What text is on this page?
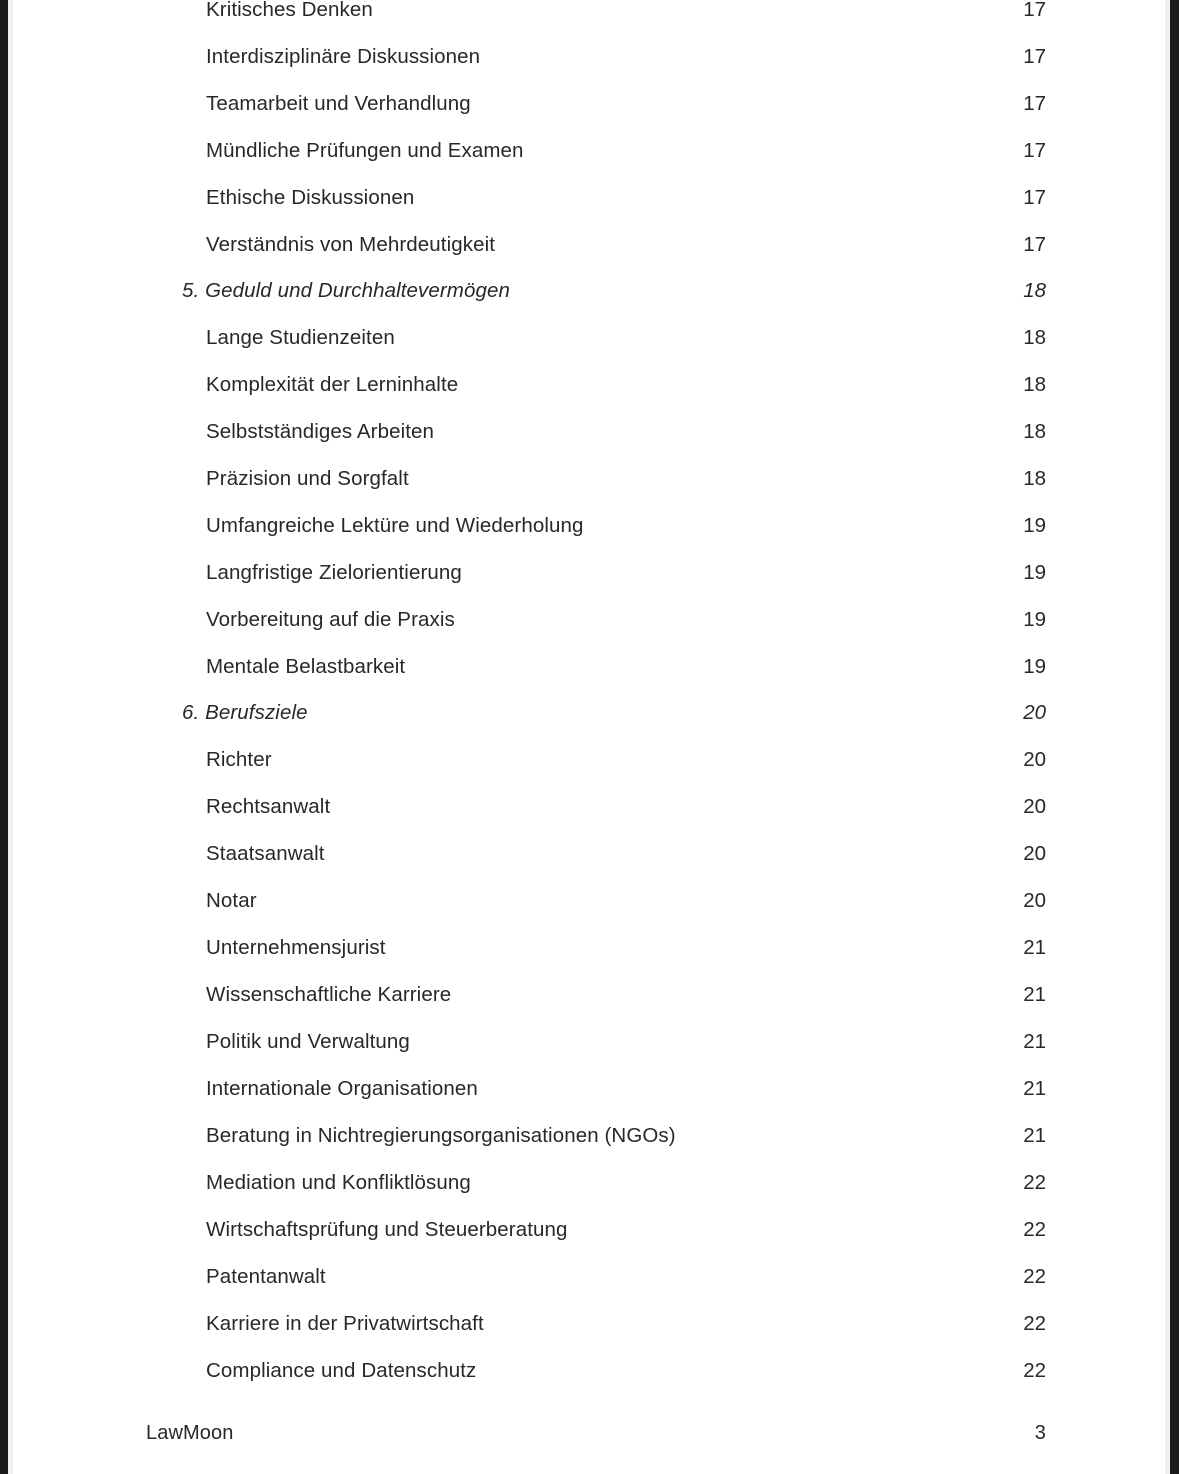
Kritisches Denken .....	17
Interdisziplinäre Diskussionen .....	17
Teamarbeit und Verhandlung .....	17
Mündliche Prüfungen und Examen .....	17
Ethische Diskussionen .....	17
Verständnis von Mehrdeutigkeit .....	17
5. Geduld und Durchhaltevermögen .....	18
Lange Studienzeiten .....	18
Komplexität der Lerninhalte .....	18
Selbstständiges Arbeiten .....	18
Präzision und Sorgfalt .....	18
Umfangreiche Lektüre und Wiederholung .....	19
Langfristige Zielorientierung .....	19
Vorbereitung auf die Praxis .....	19
Mentale Belastbarkeit .....	19
6. Berufsziele .....	20
Richter .....	20
Rechtsanwalt .....	20
Staatsanwalt .....	20
Notar .....	20
Unternehmensjurist .....	21
Wissenschaftliche Karriere .....	21
Politik und Verwaltung .....	21
Internationale Organisationen .....	21
Beratung in Nichtregierungsorganisationen (NGOs) .....	21
Mediation und Konfliktlösung .....	22
Wirtschaftsprüfung und Steuerberatung .....	22
Patentanwalt .....	22
Karriere in der Privatwirtschaft .....	22
Compliance und Datenschutz .....	22
LawMoon	3
